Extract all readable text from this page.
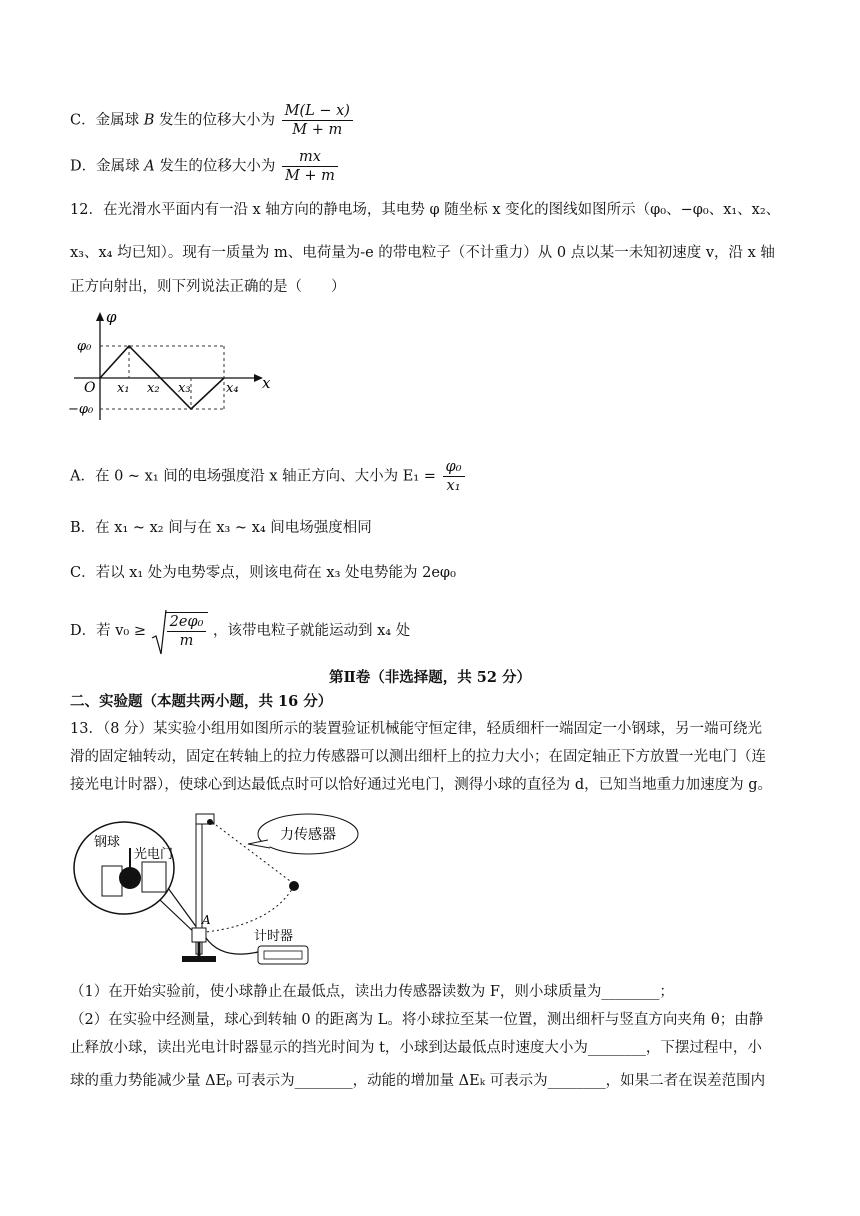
C．金属球 B 发生的位移大小为 $\frac{M(L - x)}{M + m}$
D．金属球 A 发生的位移大小为 $\frac{mx}{M + m}$
12．在光滑水平面内有一沿 x 轴方向的静电场，其电势 φ 随坐标 x 变化的图线如图所示（φ₀、−φ₀、x₁、x₂、
x₃、x₄ 均已知）。现有一质量为 m、电荷量为-e 的带电粒子（不计重力）从 0 点以某一未知初速度 v，沿 x 轴
正方向射出，则下列说法正确的是（　　）
φ
x
O
φ₀
−φ₀
x₁ x₂ x₃	x₄
A．在 0 ~ x₁ 间的电场强度沿 x 轴正方向、大小为 $E_1 = \frac{\text{φ₀}}{\text{x₁}}$
B．在 x₁ ~ x₂ 间与在 x₃ ~ x₄ 间电场强度相同
C．若以 x₁ 处为电势零点，则该电荷在 x₃ 处电势能为 2eφ₀
D．若 $v_0 \ge \frac{\text{2eφ₀}}{m}$ ，该带电粒子就能运动到 x₄ 处
第Ⅱ卷（非选择题，共 52 分）
二、实验题（本题共两小题，共 16 分）
13．（8 分）某实验小组用如图所示的装置验证机械能守恒定律，轻质细杆一端固定一小钢球，另一端可绕光
滑的固定轴转动，固定在转轴上的拉力传感器可以测出细杆上的拉力大小；在固定轴正下方放置一光电门（连
接光电计时器），使球心到达最低点时可以恰好通过光电门，测得小球的直径为 d，已知当地重力加速度为 g。
钢球
光电门
A
力传感器
计时器
（1）在开始实验前，使小球静止在最低点，读出力传感器读数为 F，则小球质量为________；
（2）在实验中经测量，球心到转轴 0 的距离为 L。将小球拉至某一位置，测出细杆与竖直方向夹角 θ；由静
止释放小球，读出光电计时器显示的挡光时间为 t，小球到达最低点时速度大小为________，下摆过程中，小
球的重力势能减少量 ΔEₚ 可表示为________，动能的增加量 ΔEₖ 可表示为________，如果二者在误差范围内
